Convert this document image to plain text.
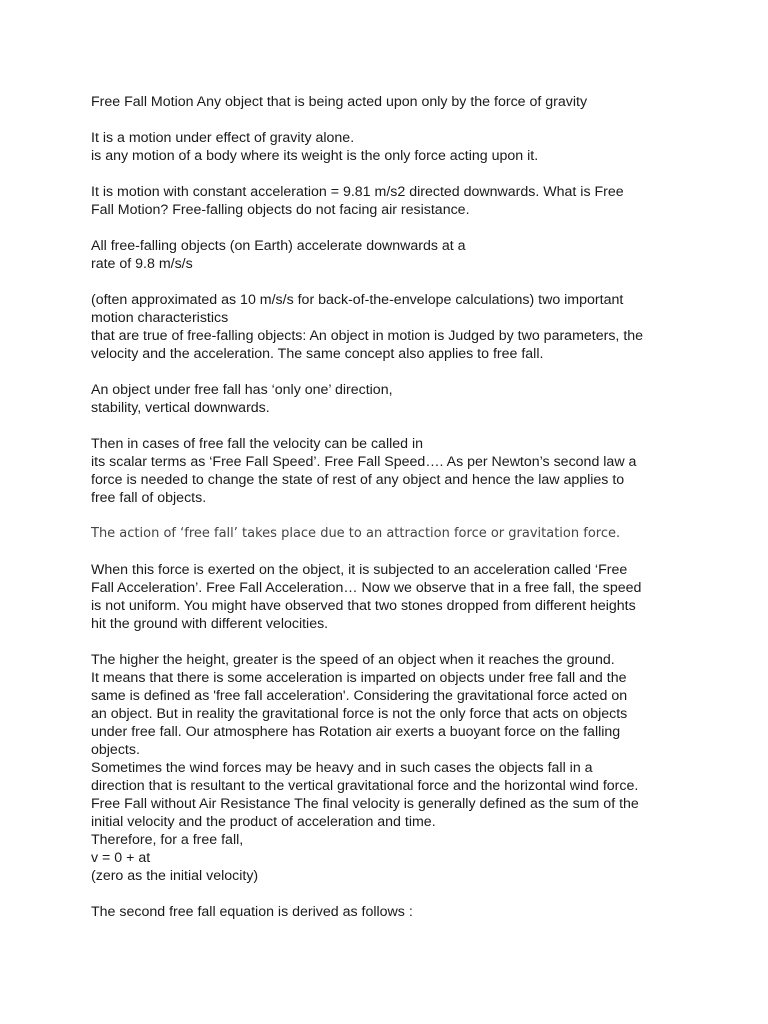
Free Fall Motion Any object that is being acted upon only by the force of gravity

It is a motion under effect of gravity alone.
is any motion of a body where its weight is the only force acting upon it.

It is motion with constant acceleration = 9.81 m/s2 directed downwards. What is Free
Fall Motion? Free-falling objects do not facing air resistance.

All free-falling objects (on Earth) accelerate downwards at a
rate of 9.8 m/s/s

(often approximated as 10 m/s/s for back-of-the-envelope calculations) two important
motion characteristics
that are true of free-falling objects: An object in motion is Judged by two parameters, the
velocity and the acceleration. The same concept also applies to free fall.

An object under free fall has ‘only one’ direction,
stability, vertical downwards.

Then in cases of free fall the velocity can be called in
its scalar terms as ‘Free Fall Speed’. Free Fall Speed…. As per Newton’s second law a
force is needed to change the state of rest of any object and hence the law applies to
free fall of objects.

The action of ‘free fall’ takes place due to an attraction force or gravitation force.

When this force is exerted on the object, it is subjected to an acceleration called ‘Free
Fall Acceleration’. Free Fall Acceleration… Now we observe that in a free fall, the speed
is not uniform. You might have observed that two stones dropped from different heights
hit the ground with different velocities.

The higher the height, greater is the speed of an object when it reaches the ground.
It means that there is some acceleration is imparted on objects under free fall and the
same is defined as 'free fall acceleration'. Considering the gravitational force acted on
an object. But in reality the gravitational force is not the only force that acts on objects
under free fall. Our atmosphere has Rotation air exerts a buoyant force on the falling
objects.
Sometimes the wind forces may be heavy and in such cases the objects fall in a
direction that is resultant to the vertical gravitational force and the horizontal wind force.
Free Fall without Air Resistance The final velocity is generally defined as the sum of the
initial velocity and the product of acceleration and time.
Therefore, for a free fall,
v = 0 + at
(zero as the initial velocity)

The second free fall equation is derived as follows :
